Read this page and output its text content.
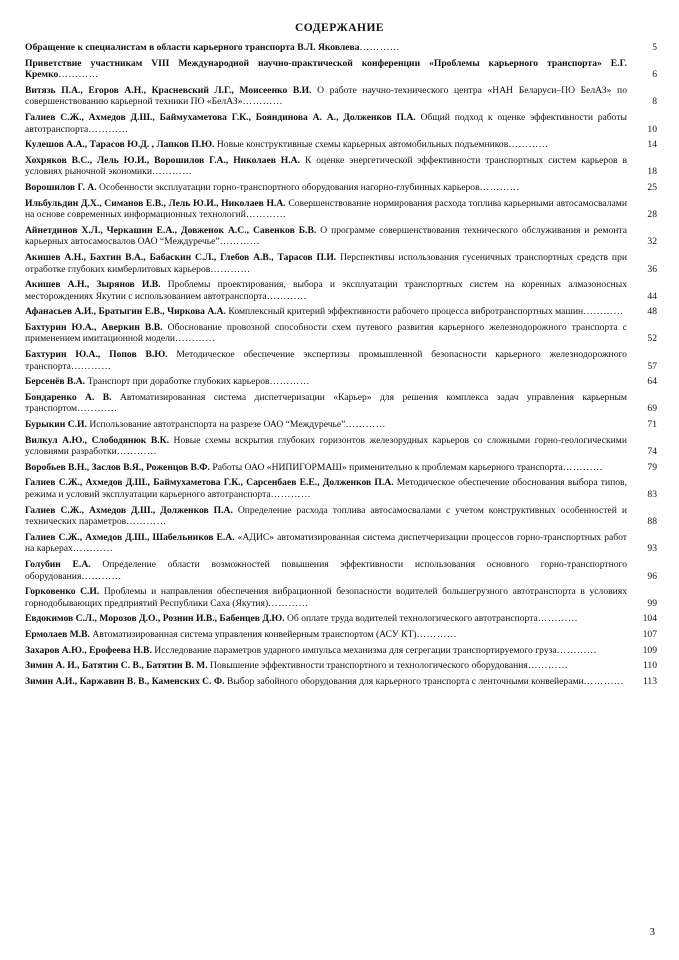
СОДЕРЖАНИЕ
Обращение к специалистам в области карьерного транспорта В.Л. Яковлева…………	5
Приветствие участникам VIII Международной научно-практической конференции «Проблемы карьерного транспорта» Е.Г. Кремко…………	6
Витязь П.А., Егоров А.Н., Красневский Л.Г., Моисеенко В.И. О работе научно-технического центра «НАН Беларуси–ПО БелАЗ» по совершенствованию карьерной техники ПО «БелАЗ»…………	8
Галиев С.Ж., Ахмедов Д.Ш., Баймухаметова Г.К., Бояндинова А. А., Долженков П.А. Общий подход к оценке эффективности работы автотранспорта…………	10
Кулешов А.А., Тарасов Ю.Д. , Лапков П.Ю. Новые конструктивные схемы карьерных автомобильных подъемников…………	14
Хохряков В.С., Лель Ю.И., Ворошилов Г.А., Николаев Н.А. К оценке энергетической эффективности транспортных систем карьеров в условиях рыночной экономики…………	18
Ворошилов Г. А. Особенности эксплуатации горно-транспортного оборудования нагорно-глубинных карьеров…………	25
Ильбульдин Д.Х., Симанов Е.В., Лель Ю.И., Николаев Н.А. Совершенствование нормирования расхода топлива карьерными автосамосвалами на основе современных информационных технологий…………	28
Айнетдинов Х.Л., Черкашин Е.А., Довженок А.С., Савенков Б.В. О программе совершенствования технического обслуживания и ремонта карьерных автосамосвалов ОАО “Междуречье”…………	32
Акишев А.Н., Бахтин В.А., Бабаскин С.Л., Глебов А.В., Тарасов П.И. Перспективы использования гусеничных транспортных средств при отработке глубоких кимберлитовых карьеров…………	36
Акишев А.Н., Зырянов И.В. Проблемы проектирования, выбора и эксплуатации транспортных систем на коренных алмазоносных месторождениях Якутии с использованием автотранспорта…………	44
Афанасьев А.И., Братыгин Е.В., Чиркова А.А. Комплексный критерий эффективности рабочего процесса вибротранспортных машин…………	48
Бахтурин Ю.А., Аверкин В.В. Обоснование провозной способности схем путевого развития карьерного железнодорожного транспорта с применением имитационной модели…………	52
Бахтурин Ю.А., Попов В.Ю. Методическое обеспечение экспертизы промышленной безопасности карьерного железнодорожного транспорта…………	57
Берсенёв В.А. Транспорт при доработке глубоких карьеров…………	64
Бондаренко А. В. Автоматизированная система диспетчеризации «Карьер» для решения комплекса задач управления карьерным транспортом…………	69
Бурыкин С.И. Использование автотранспорта на разрезе ОАО “Междуречье”…………	71
Вилкул А.Ю., Слободянюк В.К. Новые схемы вскрытия глубоких горизонтов железорудных карьеров со сложными горно-геологическими условиями разработки…………	74
Воробьев В.Н., Заслов В.Я., Роженцов В.Ф. Работы ОАО «НИПИГОРМАШ» применительно к проблемам карьерного транспорта…………	79
Галиев С.Ж., Ахмедов Д.Ш., Баймухаметова Г.К., Сарсенбаев Е.Е., Долженков П.А. Методическое обеспечение обоснования выбора типов, режима и условий эксплуатации карьерного автотранспорта…………	83
Галиев С.Ж., Ахмедов Д.Ш., Долженков П.А. Определение расхода топлива автосамосвалами с учетом конструктивных особенностей и технических параметров…………	88
Галиев С.Ж., Ахмедов Д.Ш., Шабельников Е.А. «АДИС» автоматизированная система диспетчеризации процессов горно-транспортных работ на карьерах…………	93
Голубин Е.А. Определение области возможностей повышения эффективности использования основного горно-транспортного оборудования…………	96
Горковенко С.И. Проблемы и направления обеспечения вибрационной безопасности водителей большегрузного автотранспорта в условиях горнодобывающих предприятий Республики Саха (Якутия)…………	99
Евдокимов С.Л., Морозов Д.О., Рознин И.В., Бабенцев Д.Ю. Об оплате труда водителей технологического автотранспорта…………	104
Ермолаев М.В. Автоматизированная система управления конвейерным транспортом (АСУ КТ)…………	107
Захаров А.Ю., Ерофеева Н.В. Исследование параметров ударного импульса механизма для сегрегации транспортируемого груза…………	109
Зимин А. И., Батятин С. В., Батятин В. М. Повышение эффективности транспортного и технологического оборудования…………	110
Зимин А.И., Каржавин В. В., Каменских С. Ф. Выбор забойного оборудования для карьерного транспорта с ленточными конвейерами…………	113
3
